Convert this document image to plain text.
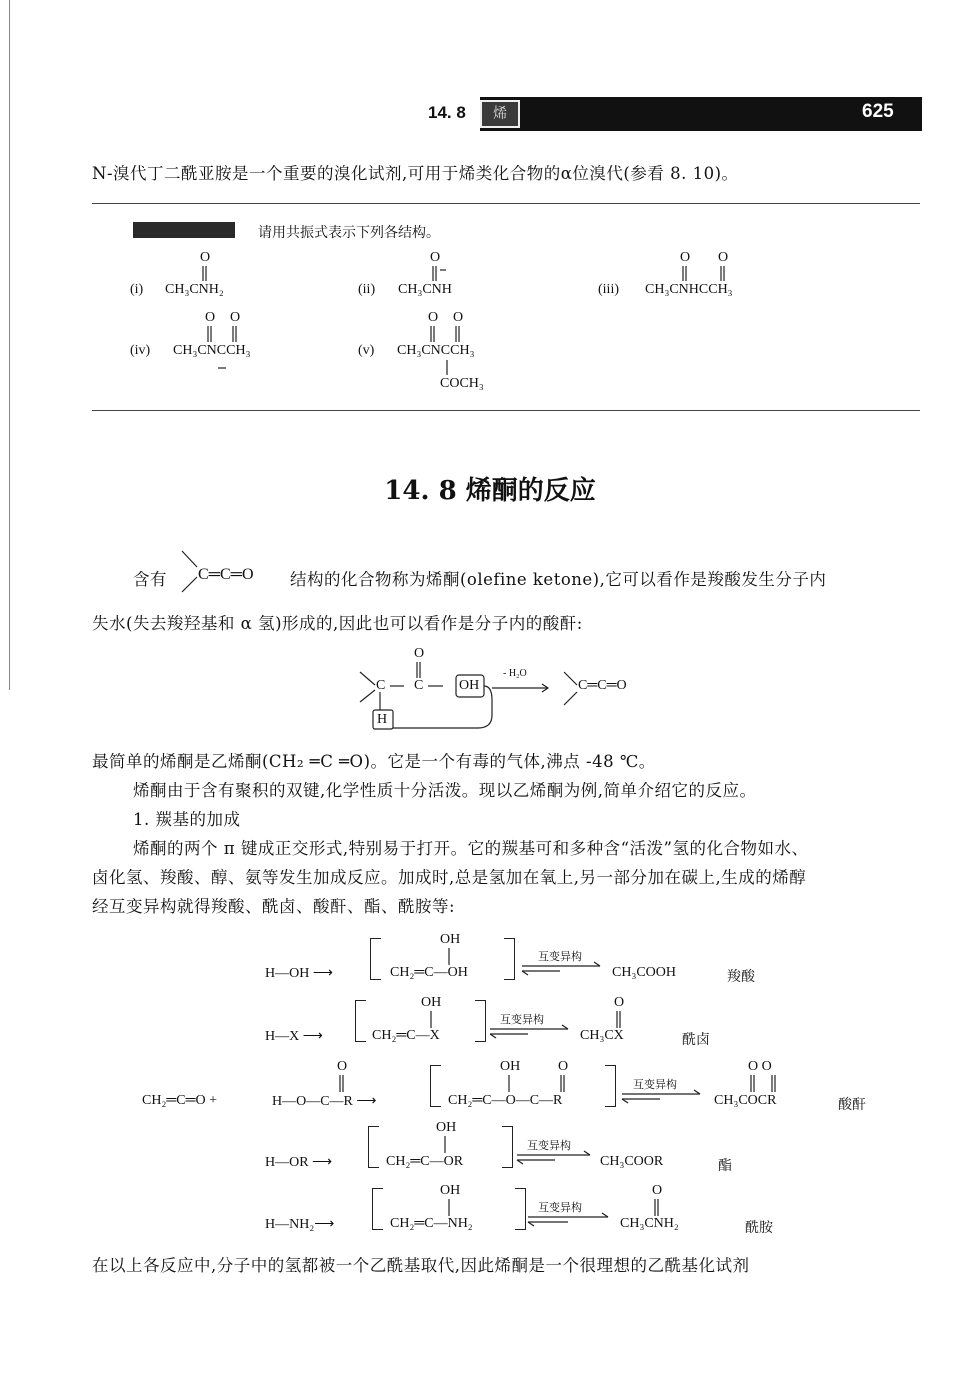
14. 8	烯	625
N-溴代丁二酰亚胺是一个重要的溴化试剂,可用于烯类化合物的α位溴代(参看 8. 10)。
请用共振式表示下列各结构。
O
(i) CH₃CNH₂
O
(ii) CH₃CNH
O O
(iii) CH₃CNHCCH₃
O O
(iv) CH₃CNCCH₃
O O
(v) CH₃CNCCH₃
COCH₃
14. 8 烯酮的反应
含有 C═C═O 结构的化合物称为烯酮(olefine ketone),它可以看作是羧酸发生分子内
失水(失去羧羟基和 α 氢)形成的,因此也可以看作是分子内的酸酐:
O
C C	OH
H
- H₂O
C═C═O
最简单的烯酮是乙烯酮(CH₂ ═C ═O)。它是一个有毒的气体,沸点 -48 ℃。
烯酮由于含有聚积的双键,化学性质十分活泼。现以乙烯酮为例,简单介绍它的反应。
1. 羰基的加成
烯酮的两个 π 键成正交形式,特别易于打开。它的羰基可和多种含“活泼”氢的化合物如水、
卤化氢、羧酸、醇、氨等发生加成反应。加成时,总是氢加在氧上,另一部分加在碳上,生成的烯醇
经互变异构就得羧酸、酰卤、酸酐、酯、酰胺等:
CH₂═C═O +
H—OH ⟶
OH
CH₂═C—OH
互变异构
CH₃COOH	羧酸
H—X ⟶
OH
CH₂═C—X
互变异构
O
CH₃CX	酰卤
O
H—O—C—R ⟶
OH	O
CH₂═C—O—C—R
互变异构
O O
CH₃COCR	酸酐
H—OR ⟶
OH
CH₂═C—OR
互变异构
CH₃COOR	酯
H—NH₂⟶
OH
CH₂═C—NH₂
互变异构
O
CH₃CNH₂	酰胺
在以上各反应中,分子中的氢都被一个乙酰基取代,因此烯酮是一个很理想的乙酰基化试剂
